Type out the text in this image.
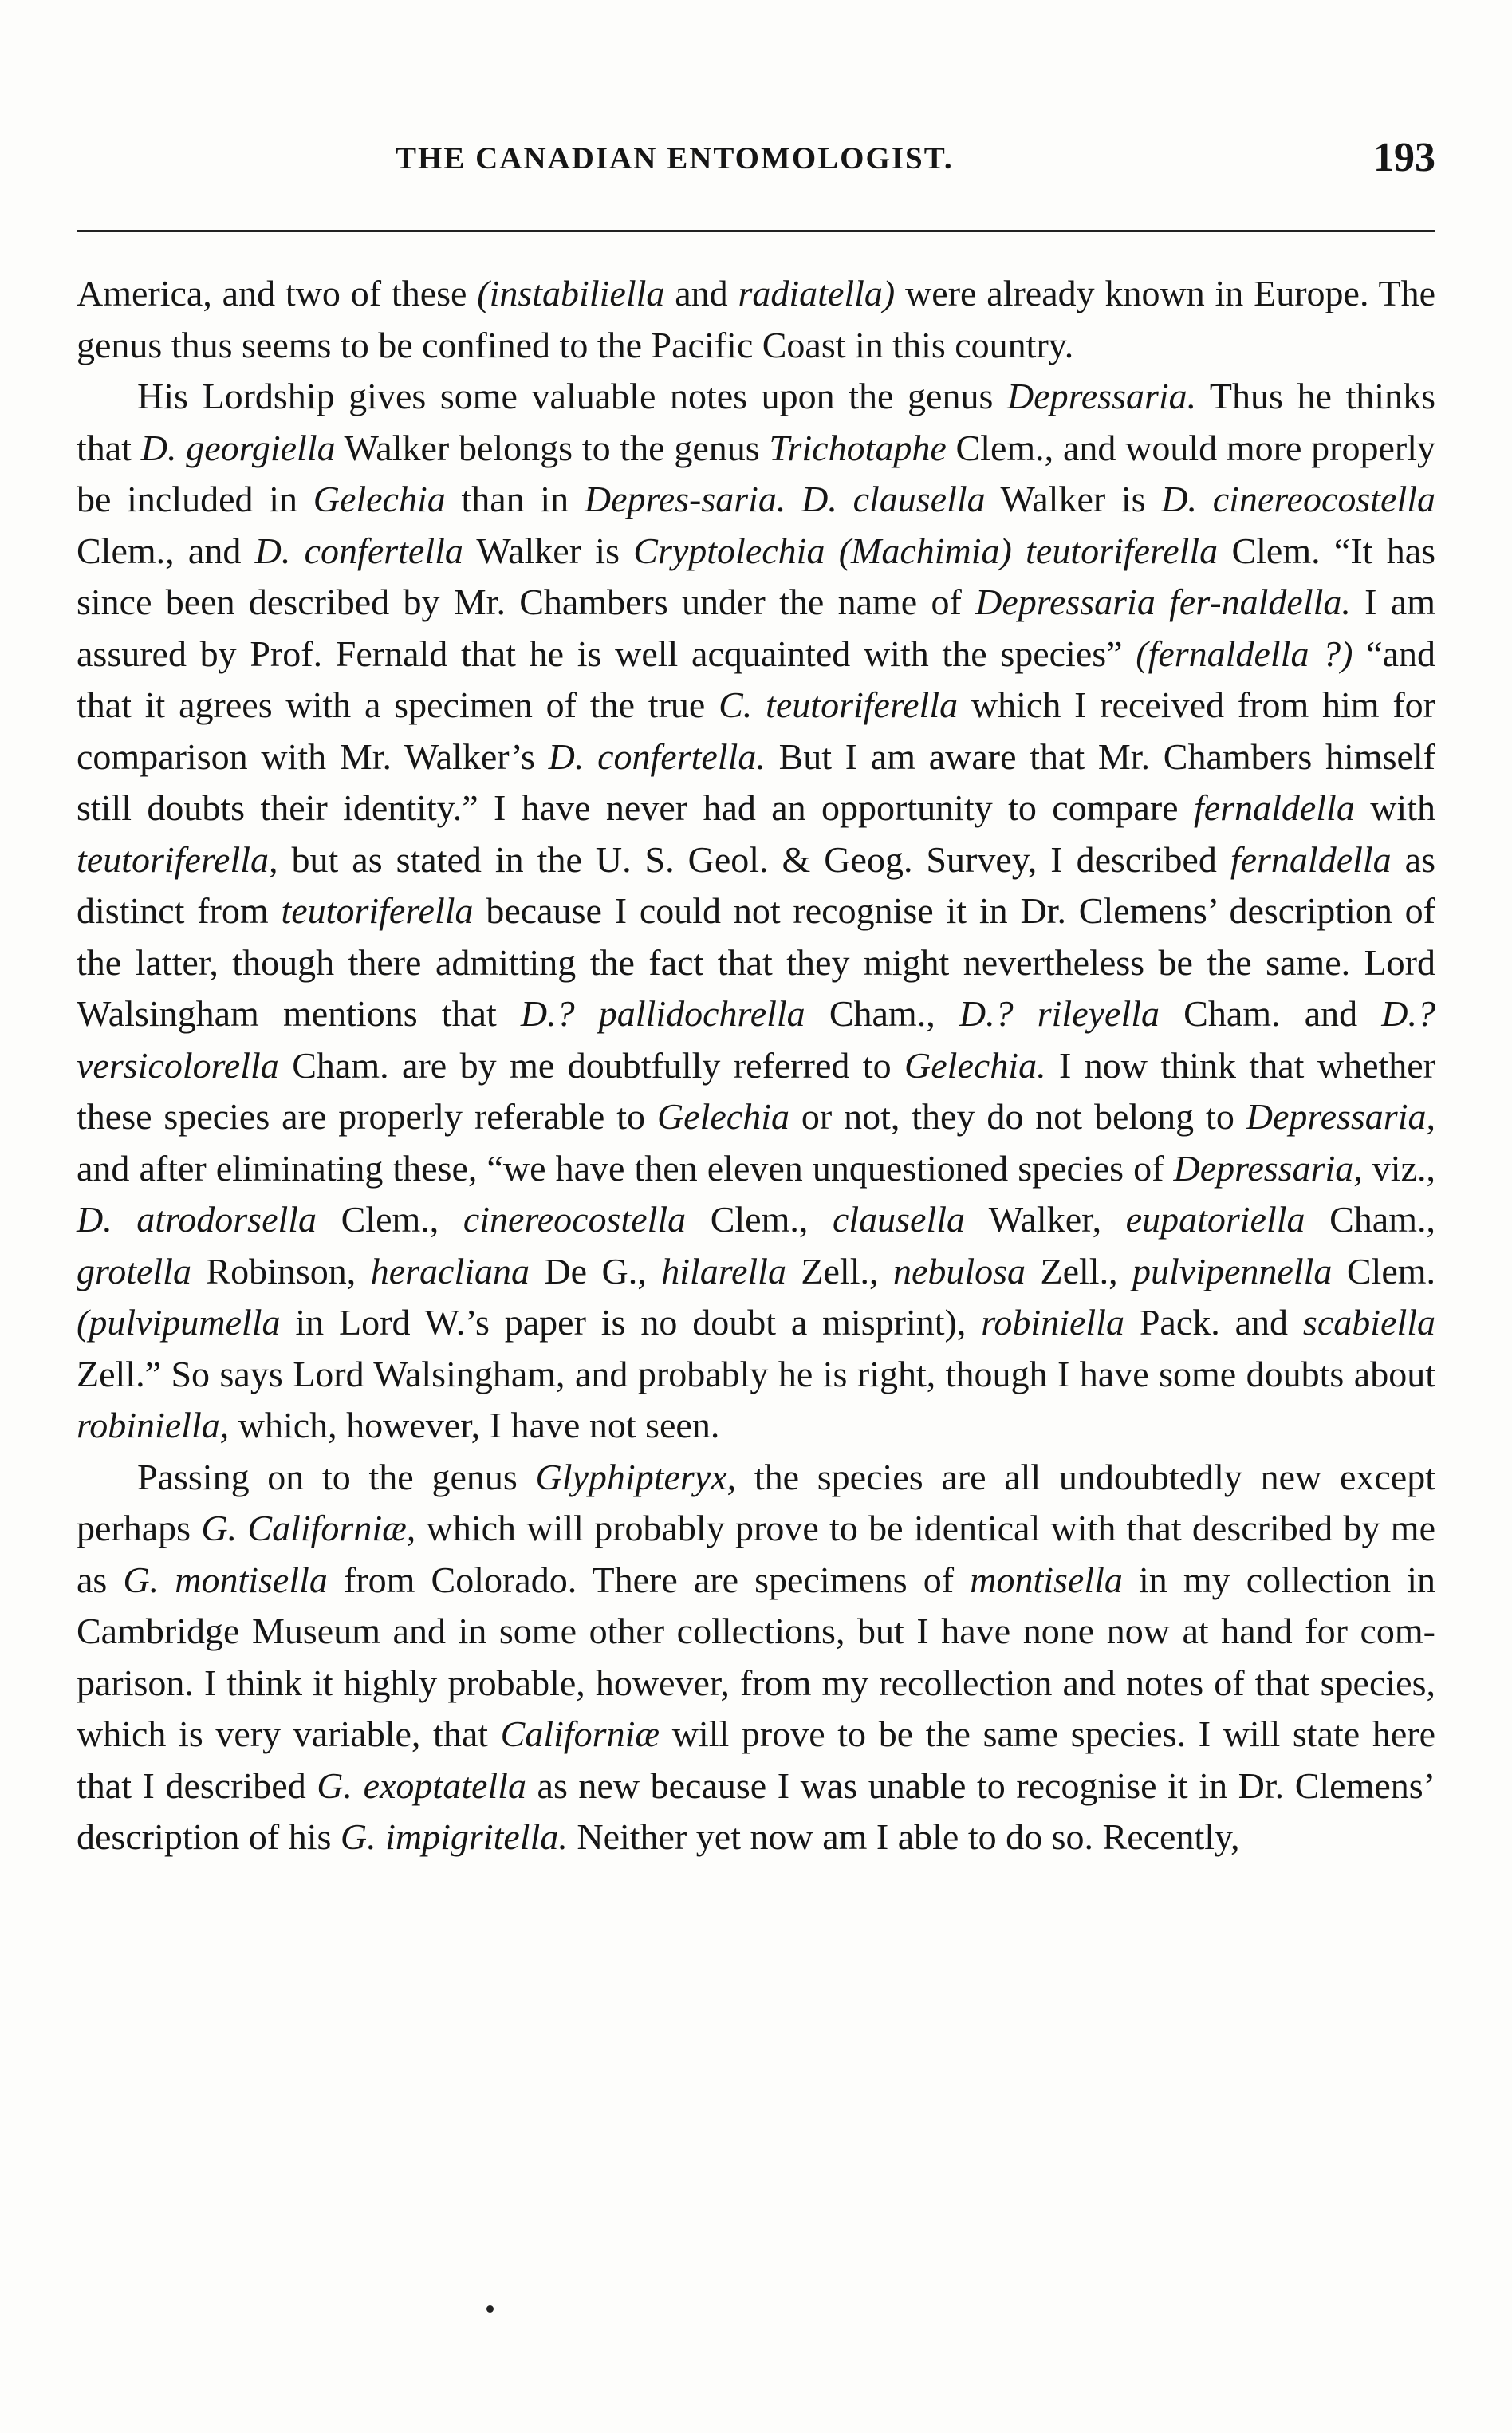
THE CANADIAN ENTOMOLOGIST.	193

America, and two of these (instabiliella and radiatella) were already known in Europe. The genus thus seems to be confined to the Pacific Coast in this country.

His Lordship gives some valuable notes upon the genus Depressaria. Thus he thinks that D. georgiella Walker belongs to the genus Trichotaphe Clem., and would more properly be included in Gelechia than in Depres-saria. D. clausella Walker is D. cinereocostella Clem., and D. confertella Walker is Cryptolechia (Machimia) teutoriferella Clem. “It has since been described by Mr. Chambers under the name of Depressaria fer-naldella. I am assured by Prof. Fernald that he is well acquainted with the species” (fernaldella ?) “and that it agrees with a specimen of the true C. teutoriferella which I received from him for comparison with Mr. Walker’s D. confertella. But I am aware that Mr. Chambers himself still doubts their identity.” I have never had an opportunity to compare fernaldella with teutoriferella, but as stated in the U. S. Geol. & Geog. Survey, I described fernaldella as distinct from teutoriferella because I could not recognise it in Dr. Clemens’ description of the latter, though there admitting the fact that they might nevertheless be the same. Lord Walsingham mentions that D.? pallidochrella Cham., D.? rileyella Cham. and D.? versicolorella Cham. are by me doubtfully referred to Gelechia. I now think that whether these species are properly referable to Gelechia or not, they do not belong to Depressaria, and after eliminating these, “we have then eleven unquestioned species of Depressaria, viz., D. atrodorsella Clem., cinereocostella Clem., clausella Walker, eupatoriella Cham., grotella Robinson, heracliana De G., hilarella Zell., nebulosa Zell., pulvipennella Clem. (pulvipumella in Lord W.’s paper is no doubt a misprint), robiniella Pack. and scabiella Zell.” So says Lord Walsingham, and probably he is right, though I have some doubts about robiniella, which, however, I have not seen.

Passing on to the genus Glyphipteryx, the species are all undoubtedly new except perhaps G. Californiæ, which will probably prove to be identical with that described by me as G. montisella from Colorado. There are specimens of montisella in my collection in Cambridge Museum and in some other collections, but I have none now at hand for com-parison. I think it highly probable, however, from my recollection and notes of that species, which is very variable, that Californiæ will prove to be the same species. I will state here that I described G. exoptatella as new because I was unable to recognise it in Dr. Clemens’ description of his G. impigritella. Neither yet now am I able to do so. Recently,
